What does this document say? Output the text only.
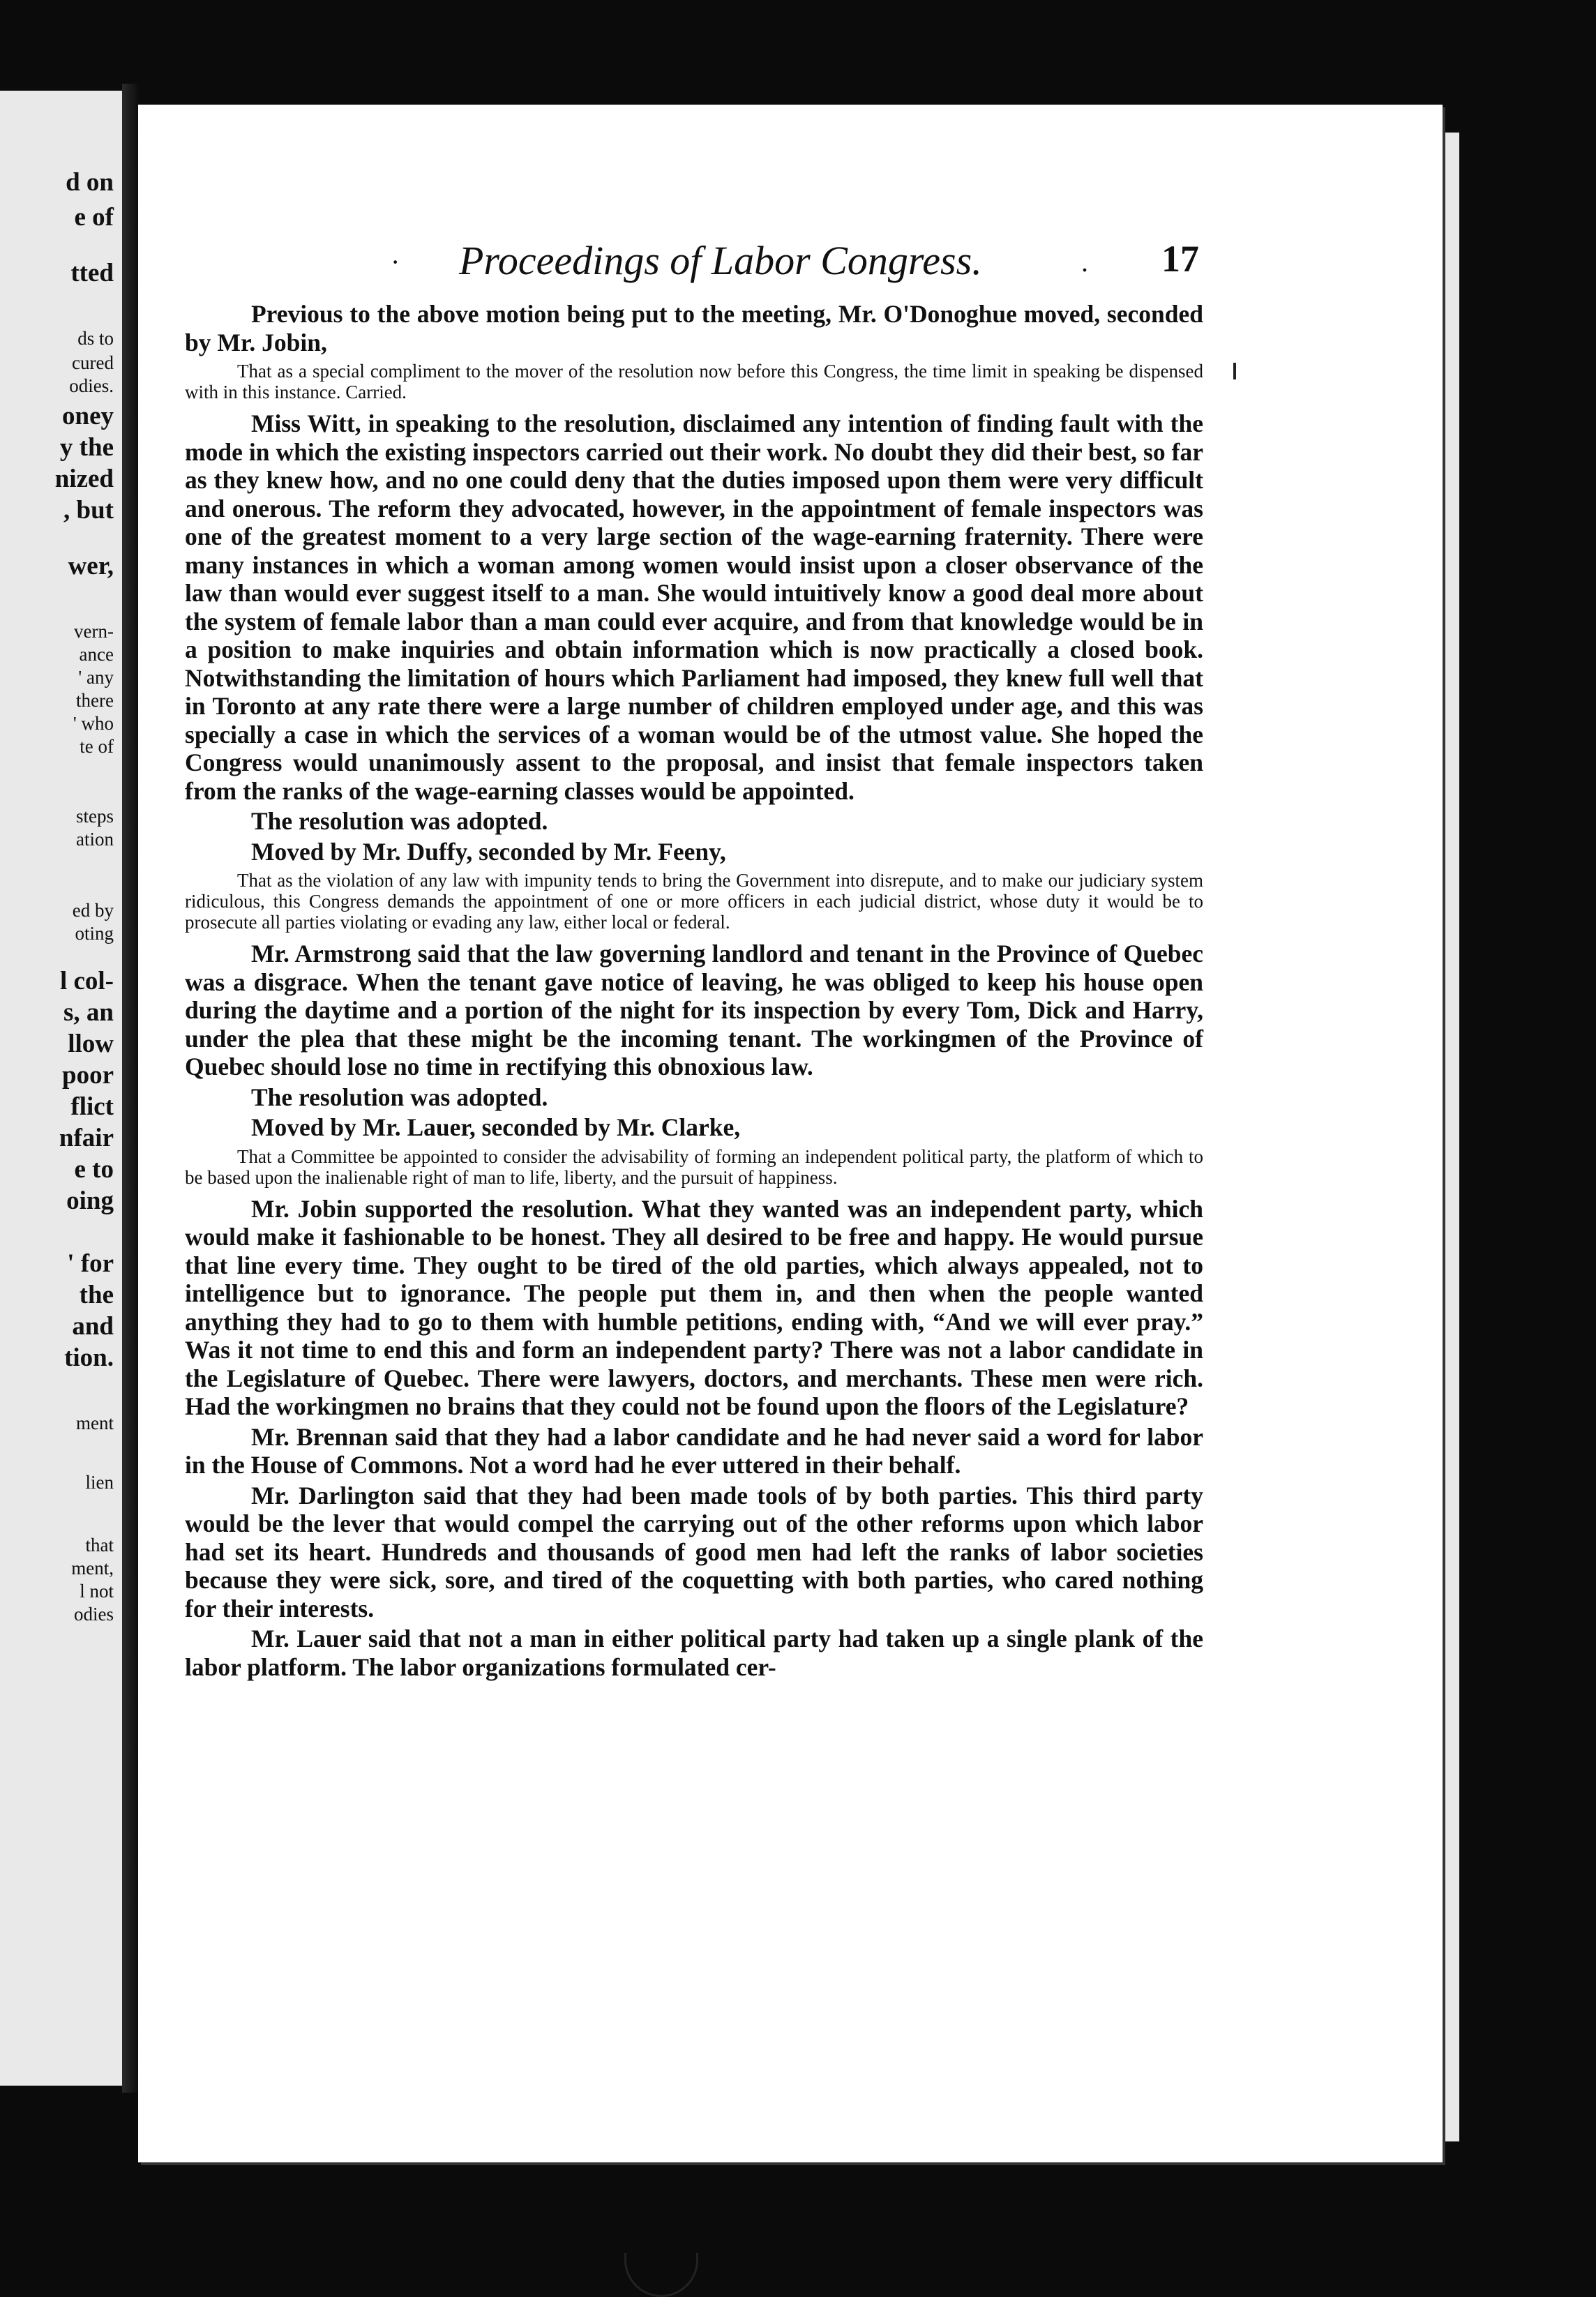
d on
e of
tted
ds to
cured
odies.
oney
y the
nized
, but
wer,
vern-
ance
' any
there
' who
te of
steps
ation
ed by
oting
l col-
s, an
llow
poor
flict
nfair
e to
oing
' for
the
and
tion.
ment
lien
that
ment,
l not
odies
· Proceedings of Labor Congress.	. 17
Previous to the above motion being put to the meeting, Mr. O'Donoghue moved, seconded by Mr. Jobin,
That as a special compliment to the mover of the resolution now before this Congress, the time limit in speaking be dispensed with in this instance. Carried.
Miss Witt, in speaking to the resolution, disclaimed any intention of finding fault with the mode in which the existing inspectors carried out their work. No doubt they did their best, so far as they knew how, and no one could deny that the duties imposed upon them were very difficult and onerous. The reform they advocated, however, in the appointment of female inspectors was one of the greatest moment to a very large section of the wage-earning fraternity. There were many instances in which a woman among women would insist upon a closer observance of the law than would ever suggest itself to a man. She would intuitively know a good deal more about the system of female labor than a man could ever acquire, and from that knowledge would be in a position to make inquiries and obtain information which is now practically a closed book. Notwithstanding the limitation of hours which Parliament had imposed, they knew full well that in Toronto at any rate there were a large number of children employed under age, and this was specially a case in which the services of a woman would be of the utmost value. She hoped the Congress would unanimously assent to the proposal, and insist that female inspectors taken from the ranks of the wage-earning classes would be appointed.
The resolution was adopted.
Moved by Mr. Duffy, seconded by Mr. Feeny,
That as the violation of any law with impunity tends to bring the Government into disrepute, and to make our judiciary system ridiculous, this Congress demands the appointment of one or more officers in each judicial district, whose duty it would be to prosecute all parties violating or evading any law, either local or federal.
Mr. Armstrong said that the law governing landlord and tenant in the Province of Quebec was a disgrace. When the tenant gave notice of leaving, he was obliged to keep his house open during the daytime and a portion of the night for its inspection by every Tom, Dick and Harry, under the plea that these might be the incoming tenant. The workingmen of the Province of Quebec should lose no time in rectifying this obnoxious law.
The resolution was adopted.
Moved by Mr. Lauer, seconded by Mr. Clarke,
That a Committee be appointed to consider the advisability of forming an independent political party, the platform of which to be based upon the inalienable right of man to life, liberty, and the pursuit of happiness.
Mr. Jobin supported the resolution. What they wanted was an independent party, which would make it fashionable to be honest. They all desired to be free and happy. He would pursue that line every time. They ought to be tired of the old parties, which always appealed, not to intelligence but to ignorance. The people put them in, and then when the people wanted anything they had to go to them with humble petitions, ending with, “And we will ever pray.” Was it not time to end this and form an independent party? There was not a labor candidate in the Legislature of Quebec. There were lawyers, doctors, and merchants. These men were rich. Had the workingmen no brains that they could not be found upon the floors of the Legislature?
Mr. Brennan said that they had a labor candidate and he had never said a word for labor in the House of Commons. Not a word had he ever uttered in their behalf.
Mr. Darlington said that they had been made tools of by both parties. This third party would be the lever that would compel the carrying out of the other reforms upon which labor had set its heart. Hundreds and thousands of good men had left the ranks of labor societies because they were sick, sore, and tired of the coquetting with both parties, who cared nothing for their interests.
Mr. Lauer said that not a man in either political party had taken up a single plank of the labor platform. The labor organizations formulated cer-
